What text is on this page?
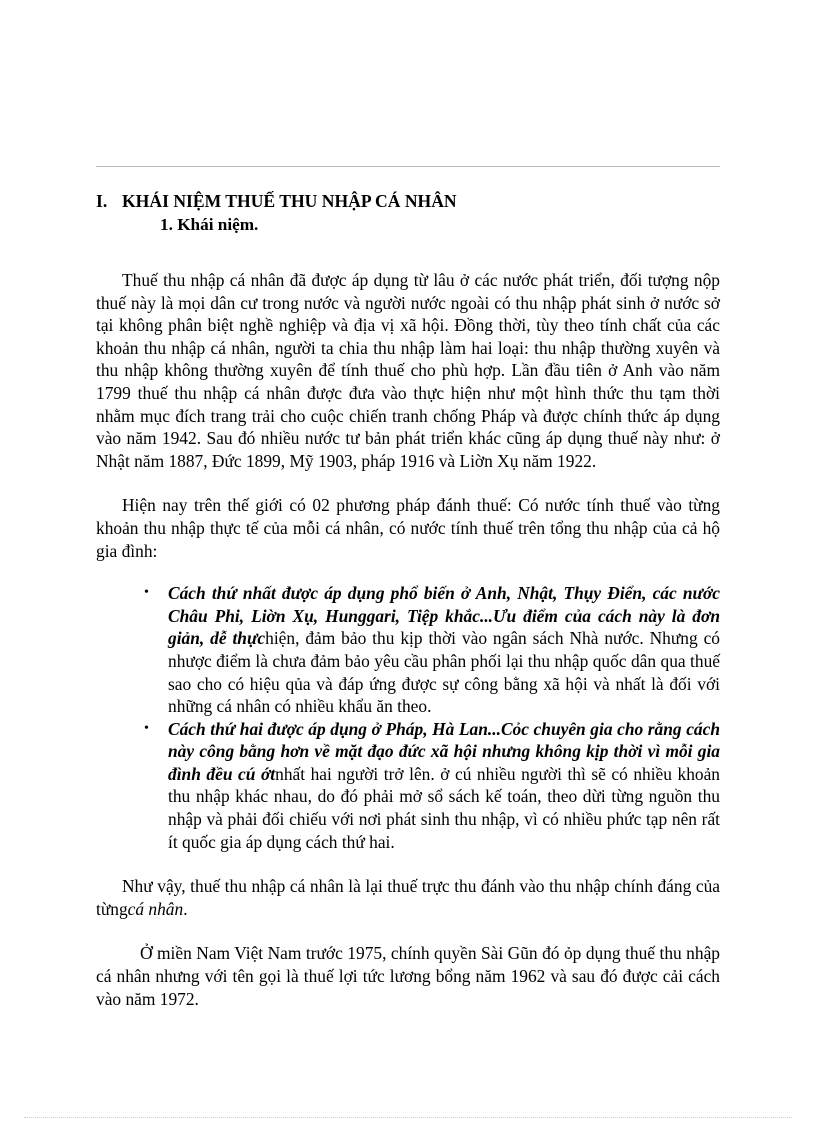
I. KHÁI NIỆM THUẾ THU NHẬP CÁ NHÂN
1. Khái niệm.

Thuế thu nhập cá nhân đã được áp dụng từ lâu ở các nước phát triển, đối tượng nộp thuế này là mọi dân cư trong nước và người nước ngoài có thu nhập phát sinh ở nước sở tại không phân biệt nghề nghiệp và địa vị xã hội. Đồng thời, tùy theo tính chất của các khoản thu nhập cá nhân, người ta chia thu nhập làm hai loại: thu nhập thường xuyên và thu nhập không thường xuyên để tính thuế cho phù hợp. Lần đầu tiên ở Anh vào năm 1799 thuế thu nhập cá nhân được đưa vào thực hiện như một hình thức thu tạm thời nhằm mục đích trang trải cho cuộc chiến tranh chống Pháp và được chính thức áp dụng vào năm 1942. Sau đó nhiều nước tư bản phát triển khác cũng áp dụng thuế này như: ở Nhật năm 1887, Đức 1899, Mỹ 1903, pháp 1916 và Liờn Xụ năm 1922.

Hiện nay trên thế giới có 02 phương pháp đánh thuế: Có nước tính thuế vào từng khoản thu nhập thực tế của mỗi cá nhân, có nước tính thuế trên tổng thu nhập của cả hộ gia đình:

• Cách thứ nhất được áp dụng phổ biến ở Anh, Nhật, Thụy Điển, các nước Châu Phi, Liờn Xụ, Hunggari, Tiệp khắc...Ưu điểm của cách này là đơn giản, dễ thựchiện, đảm bảo thu kịp thời vào ngân sách Nhà nước. Nhưng có nhược điểm là chưa đảm bảo yêu cầu phân phối lại thu nhập quốc dân qua thuế sao cho có hiệu qủa và đáp ứng được sự công bằng xã hội và nhất là đối với những cá nhân có nhiều khẩu ăn theo.
• Cách thứ hai được áp dụng ở Pháp, Hà Lan...Cỏc chuyên gia cho rằng cách này công bằng hơn về mặt đạo đức xã hội nhưng không kịp thời vì mỗi gia đình đều cú ớtnhất hai người trở lên. ở cú nhiều người thì sẽ có nhiều khoản thu nhập khác nhau, do đó phải mở sổ sách kế toán, theo dừi từng nguồn thu nhập và phải đối chiếu với nơi phát sinh thu nhập, vì có nhiều phức tạp nên rất ít quốc gia áp dụng cách thứ hai.

Như vậy, thuế thu nhập cá nhân là lại thuế trực thu đánh vào thu nhập chính đáng của từngcá nhân.

Ở miền Nam Việt Nam trước 1975, chính quyền Sài Gũn đó ỏp dụng thuế thu nhập cá nhân nhưng với tên gọi là thuế lợi tức lương bổng năm 1962 và sau đó được cải cách vào năm 1972.
